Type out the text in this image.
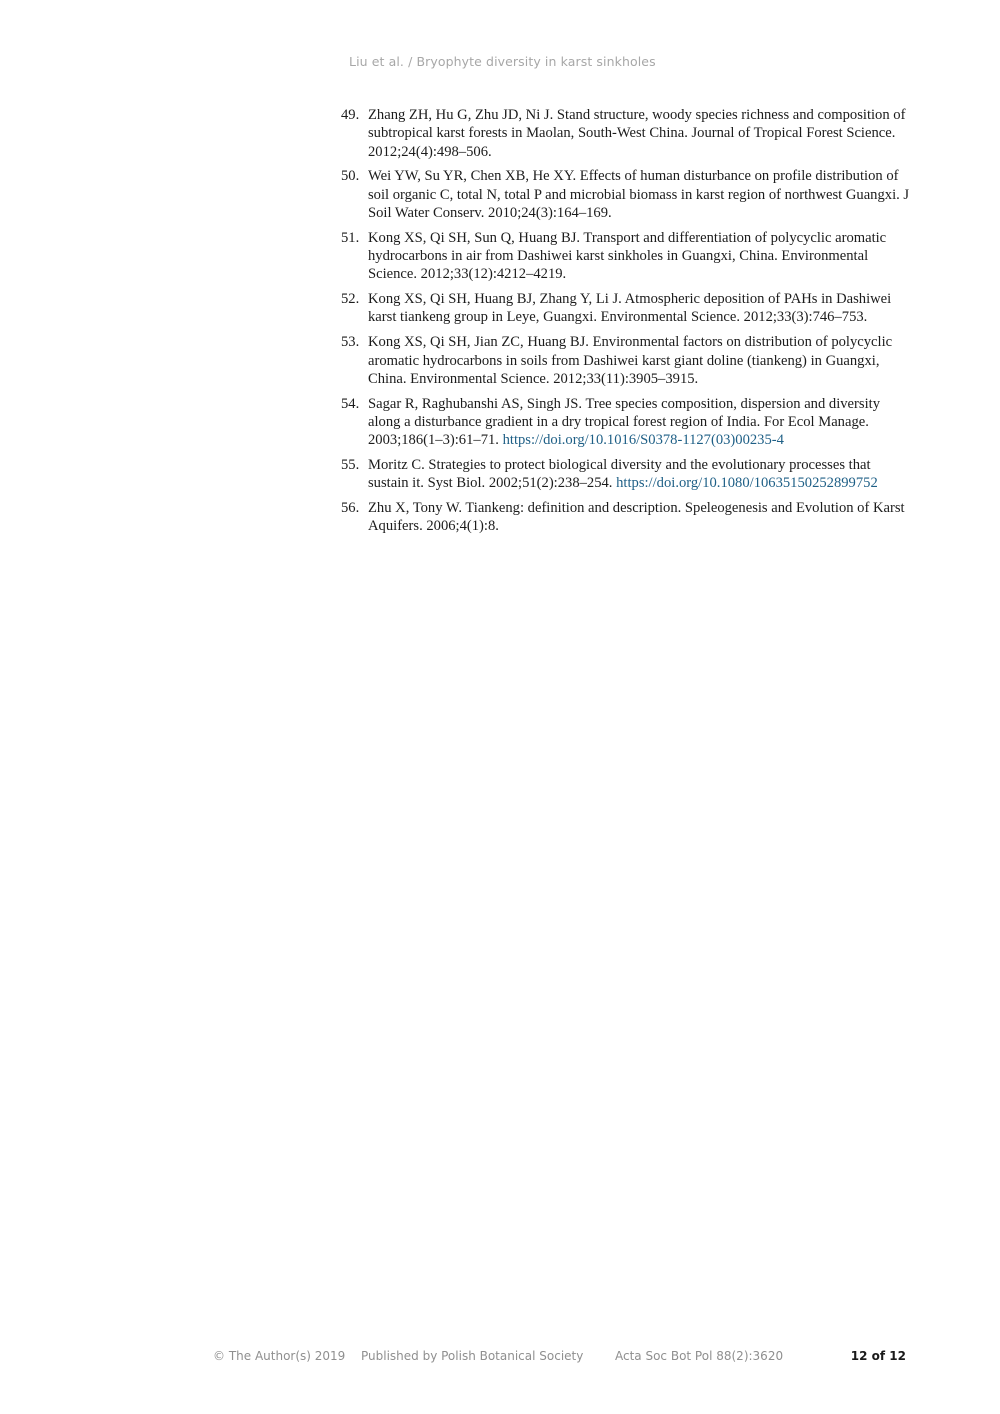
Liu et al. / Bryophyte diversity in karst sinkholes
49. Zhang ZH, Hu G, Zhu JD, Ni J. Stand structure, woody species richness and composition of subtropical karst forests in Maolan, South-West China. Journal of Tropical Forest Science. 2012;24(4):498–506.
50. Wei YW, Su YR, Chen XB, He XY. Effects of human disturbance on profile distribution of soil organic C, total N, total P and microbial biomass in karst region of northwest Guangxi. J Soil Water Conserv. 2010;24(3):164–169.
51. Kong XS, Qi SH, Sun Q, Huang BJ. Transport and differentiation of polycyclic aromatic hydrocarbons in air from Dashiwei karst sinkholes in Guangxi, China. Environmental Science. 2012;33(12):4212–4219.
52. Kong XS, Qi SH, Huang BJ, Zhang Y, Li J. Atmospheric deposition of PAHs in Dashiwei karst tiankeng group in Leye, Guangxi. Environmental Science. 2012;33(3):746–753.
53. Kong XS, Qi SH, Jian ZC, Huang BJ. Environmental factors on distribution of polycyclic aromatic hydrocarbons in soils from Dashiwei karst giant doline (tiankeng) in Guangxi, China. Environmental Science. 2012;33(11):3905–3915.
54. Sagar R, Raghubanshi AS, Singh JS. Tree species composition, dispersion and diversity along a disturbance gradient in a dry tropical forest region of India. For Ecol Manage. 2003;186(1–3):61–71. https://doi.org/10.1016/S0378-1127(03)00235-4
55. Moritz C. Strategies to protect biological diversity and the evolutionary processes that sustain it. Syst Biol. 2002;51(2):238–254. https://doi.org/10.1080/10635150252899752
56. Zhu X, Tony W. Tiankeng: definition and description. Speleogenesis and Evolution of Karst Aquifers. 2006;4(1):8.
© The Author(s) 2019 Published by Polish Botanical Society	Acta Soc Bot Pol 88(2):3620	12 of 12
